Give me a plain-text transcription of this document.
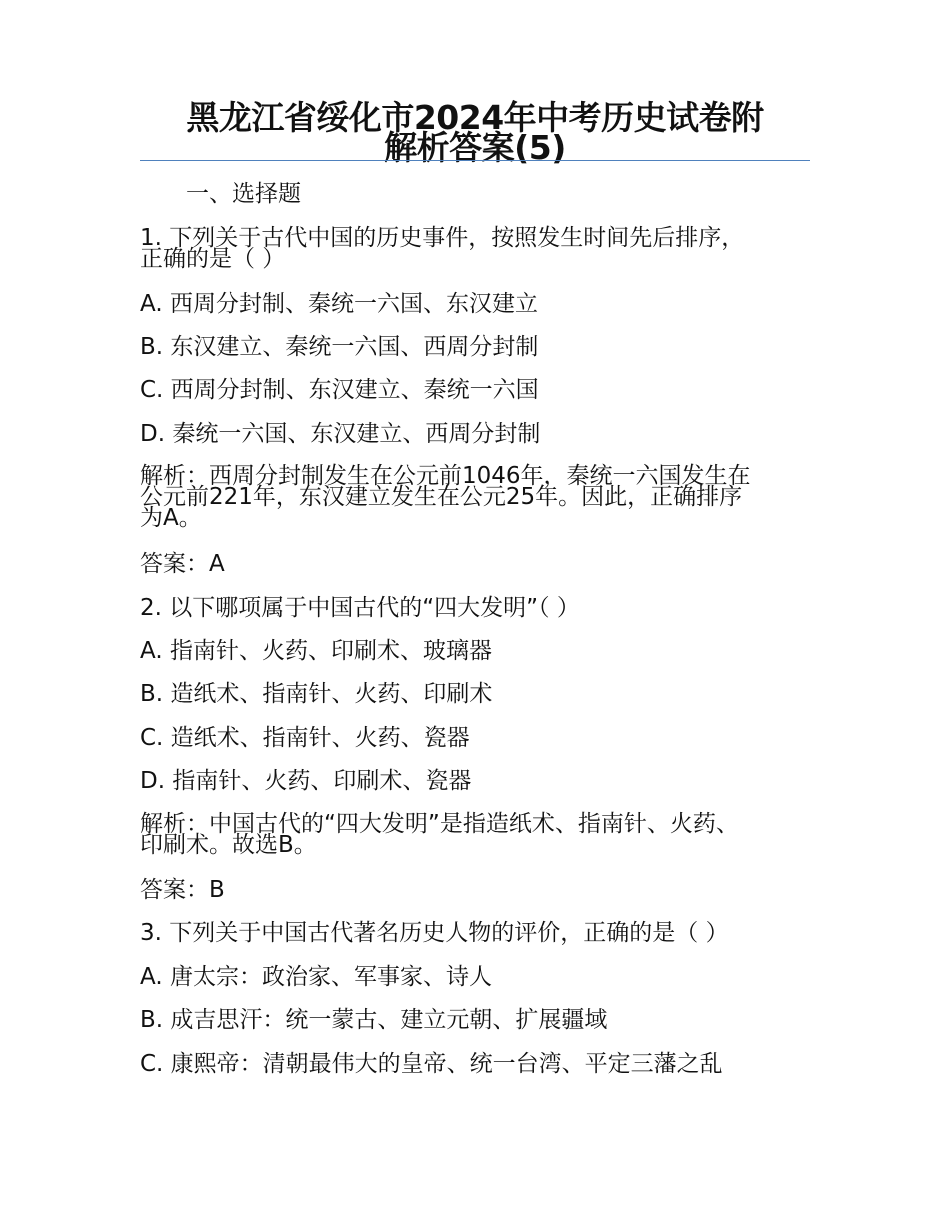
黑龙江省绥化市2024年中考历史试卷附
解析答案(5)
一、选择题
1. 下列关于古代中国的历史事件，按照发生时间先后排序，
正确的是（ ）
A. 西周分封制、秦统一六国、东汉建立
B. 东汉建立、秦统一六国、西周分封制
C. 西周分封制、东汉建立、秦统一六国
D. 秦统一六国、东汉建立、西周分封制
解析：西周分封制发生在公元前1046年，秦统一六国发生在
公元前221年，东汉建立发生在公元25年。因此，正确排序
为A。
答案：A
2. 以下哪项属于中国古代的“四大发明”（ ）
A. 指南针、火药、印刷术、玻璃器
B. 造纸术、指南针、火药、印刷术
C. 造纸术、指南针、火药、瓷器
D. 指南针、火药、印刷术、瓷器
解析：中国古代的“四大发明”是指造纸术、指南针、火药、
印刷术。故选B。
答案：B
3. 下列关于中国古代著名历史人物的评价，正确的是（ ）
A. 唐太宗：政治家、军事家、诗人
B. 成吉思汗：统一蒙古、建立元朝、扩展疆域
C. 康熙帝：清朝最伟大的皇帝、统一台湾、平定三藩之乱
